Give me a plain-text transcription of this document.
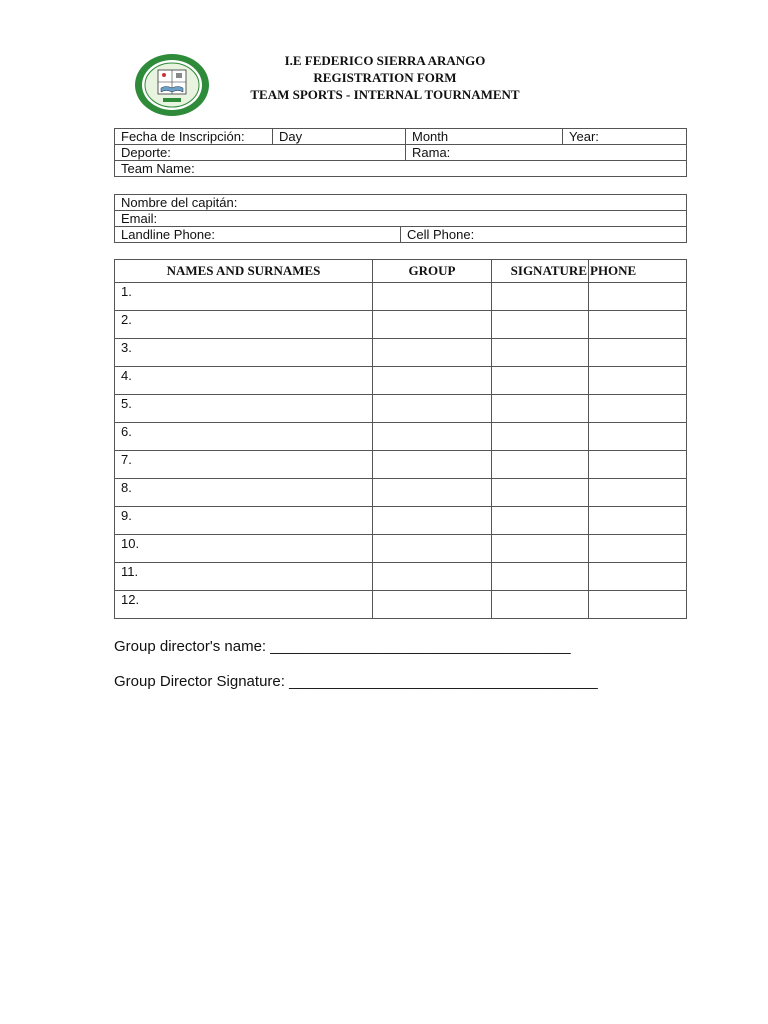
I.E FEDERICO SIERRA ARANGO
REGISTRATION FORM
TEAM SPORTS - INTERNAL TOURNAMENT
Fecha de Inscripción:	Day	Month	Year:
Deporte:		Rama:	
Team Name:			
Nombre del capitán:
Email:
Landline Phone:	Cell Phone:
NAMES AND SURNAMES	GROUP	SIGNATURE	PHONE
1.			
2.			
3.			
4.			
5.			
6.			
7.			
8.			
9.			
10.			
11.			
12.			
Group director's name: ____________________________________
Group Director Signature: _____________________________________
